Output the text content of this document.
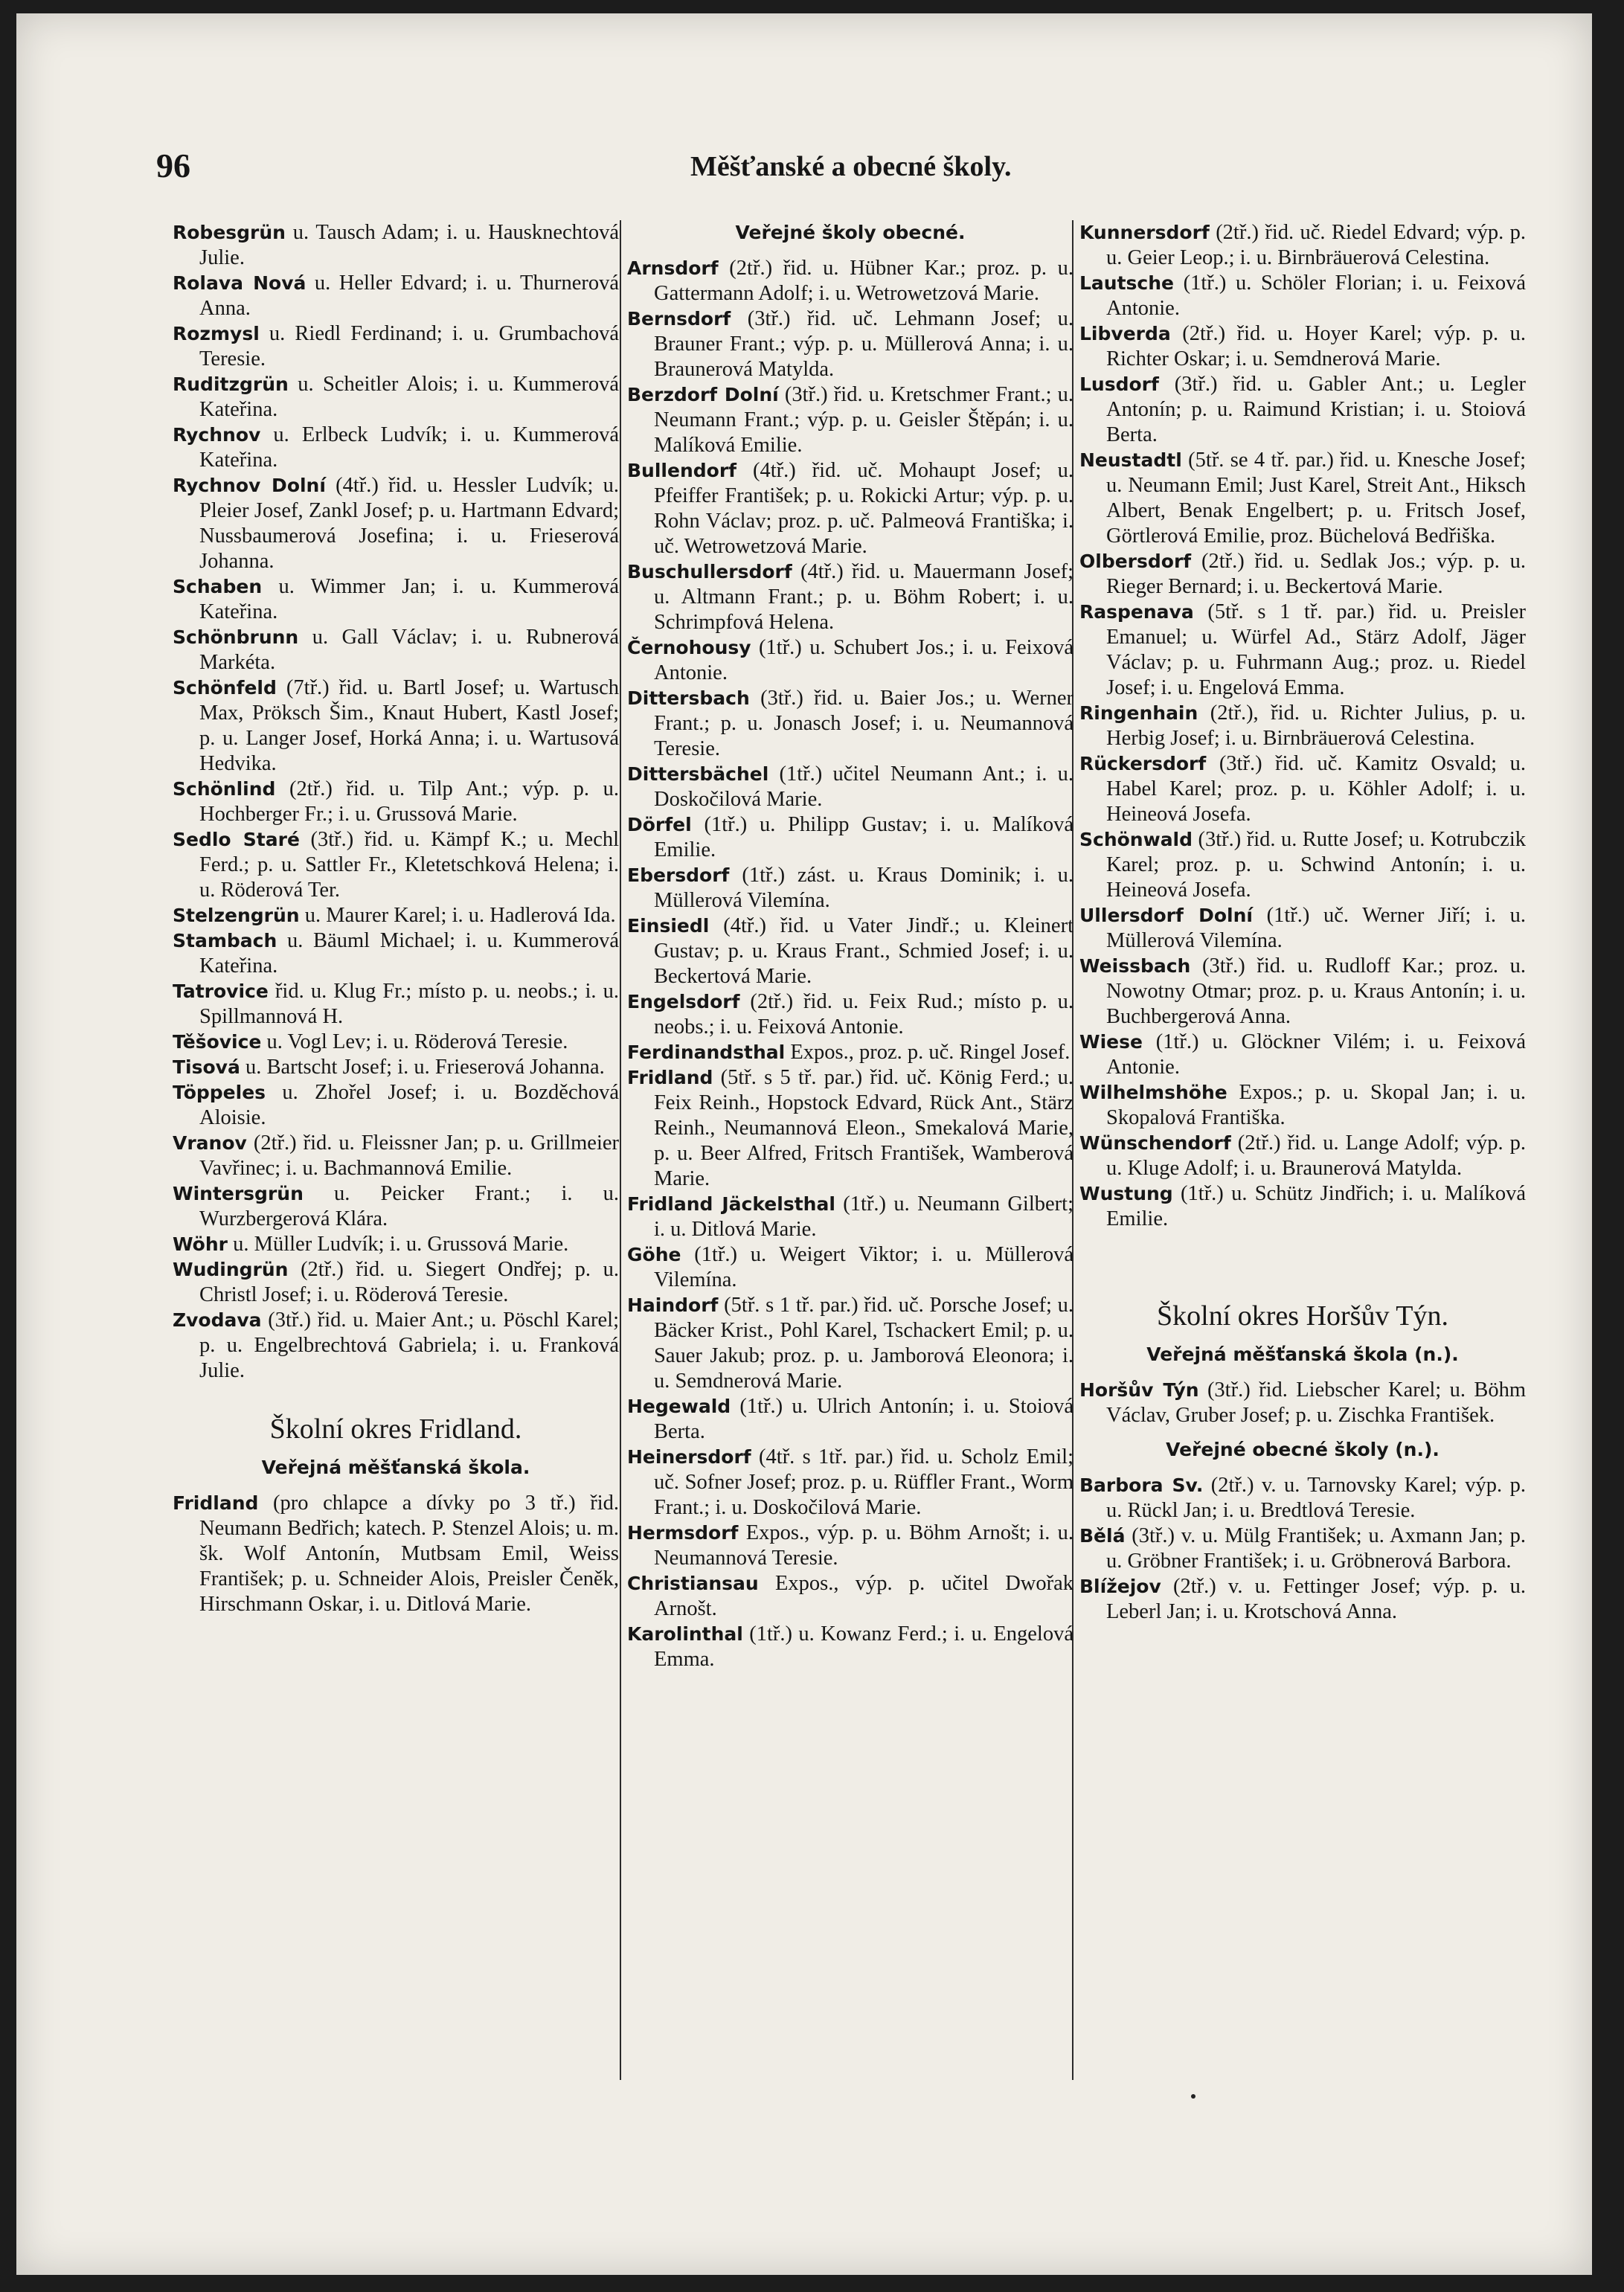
96	Měšťanské a obecné školy.

Robesgrün u. Tausch Adam; i. u. Hausknechtová Julie.

Rolava Nová u. Heller Edvard; i. u. Thurnerová Anna.

Rozmysl u. Riedl Ferdinand; i. u. Grumbachová Teresie.

Ruditzgrün u. Scheitler Alois; i. u. Kummerová Kateřina.

Rychnov u. Erlbeck Ludvík; i. u. Kummerová Kateřina.

Rychnov Dolní (4tř.) řid. u. Hessler Ludvík; u. Pleier Josef, Zankl Josef; p. u. Hartmann Edvard; Nussbaumerová Josefina; i. u. Frieserová Johanna.

Schaben u. Wimmer Jan; i. u. Kummerová Kateřina.

Schönbrunn u. Gall Václav; i. u. Rubnerová Markéta.

Schönfeld (7tř.) řid. u. Bartl Josef; u. Wartusch Max, Pröksch Šim., Knaut Hubert, Kastl Josef; p. u. Langer Josef, Horká Anna; i. u. Wartusová Hedvika.

Schönlind (2tř.) řid. u. Tilp Ant.; výp. p. u. Hochberger Fr.; i. u. Grussová Marie.

Sedlo Staré (3tř.) řid. u. Kämpf K.; u. Mechl Ferd.; p. u. Sattler Fr., Kletetschková Helena; i. u. Röderová Ter.

Stelzengrün u. Maurer Karel; i. u. Hadlerová Ida.

Stambach u. Bäuml Michael; i. u. Kummerová Kateřina.

Tatrovice řid. u. Klug Fr.; místo p. u. neobs.; i. u. Spillmannová H.

Těšovice u. Vogl Lev; i. u. Röderová Teresie.

Tisová u. Bartscht Josef; i. u. Frieserová Johanna.

Töppeles u. Zhořel Josef; i. u. Bozděchová Aloisie.

Vranov (2tř.) řid. u. Fleissner Jan; p. u. Grillmeier Vavřinec; i. u. Bachmannová Emilie.

Wintersgrün u. Peicker Frant.; i. u. Wurzbergerová Klára.

Wöhr u. Müller Ludvík; i. u. Grussová Marie.

Wudingrün (2tř.) řid. u. Siegert Ondřej; p. u. Christl Josef; i. u. Röderová Teresie.

Zvodava (3tř.) řid. u. Maier Ant.; u. Pöschl Karel; p. u. Engelbrechtová Gabriela; i. u. Franková Julie.

Školní okres Fridland.
Veřejná měšťanská škola.

Fridland (pro chlapce a dívky po 3 tř.) řid. Neumann Bedřich; katech. P. Stenzel Alois; u. m. šk. Wolf Antonín, Mutbsam Emil, Weiss František; p. u. Schneider Alois, Preisler Čeněk, Hirschmann Oskar, i. u. Ditlová Marie.

Veřejné školy obecné.

Arnsdorf (2tř.) řid. u. Hübner Kar.; proz. p. u. Gattermann Adolf; i. u. Wetrowetzová Marie.

Bernsdorf (3tř.) řid. uč. Lehmann Josef; u. Brauner Frant.; výp. p. u. Müllerová Anna; i. u. Braunerová Matylda.

Berzdorf Dolní (3tř.) řid. u. Kretschmer Frant.; u. Neumann Frant.; výp. p. u. Geisler Štěpán; i. u. Malíková Emilie.

Bullendorf (4tř.) řid. uč. Mohaupt Josef; u. Pfeiffer František; p. u. Rokicki Artur; výp. p. u. Rohn Václav; proz. p. uč. Palmeová Františka; i. uč. Wetrowetzová Marie.

Buschullersdorf (4tř.) řid. u. Mauermann Josef; u. Altmann Frant.; p. u. Böhm Robert; i. u. Schrimpfová Helena.

Černohousy (1tř.) u. Schubert Jos.; i. u. Feixová Antonie.

Dittersbach (3tř.) řid. u. Baier Jos.; u. Werner Frant.; p. u. Jonasch Josef; i. u. Neumannová Teresie.

Dittersbächel (1tř.) učitel Neumann Ant.; i. u. Doskočilová Marie.

Dörfel (1tř.) u. Philipp Gustav; i. u. Malíková Emilie.

Ebersdorf (1tř.) zást. u. Kraus Dominik; i. u. Müllerová Vilemína.

Einsiedl (4tř.) řid. u Vater Jindř.; u. Kleinert Gustav; p. u. Kraus Frant., Schmied Josef; i. u. Beckertová Marie.

Engelsdorf (2tř.) řid. u. Feix Rud.; místo p. u. neobs.; i. u. Feixová Antonie.

Ferdinandsthal Expos., proz. p. uč. Ringel Josef.

Fridland (5tř. s 5 tř. par.) řid. uč. König Ferd.; u. Feix Reinh., Hopstock Edvard, Rück Ant., Stärz Reinh., Neumannová Eleon., Smekalová Marie, p. u. Beer Alfred, Fritsch František, Wamberová Marie.

Fridland Jäckelsthal (1tř.) u. Neumann Gilbert; i. u. Ditlová Marie.

Göhe (1tř.) u. Weigert Viktor; i. u. Müllerová Vilemína.

Haindorf (5tř. s 1 tř. par.) řid. uč. Porsche Josef; u. Bäcker Krist., Pohl Karel, Tschackert Emil; p. u. Sauer Jakub; proz. p. u. Jamborová Eleonora; i. u. Semdnerová Marie.

Hegewald (1tř.) u. Ulrich Antonín; i. u. Stoiová Berta.

Heinersdorf (4tř. s 1tř. par.) řid. u. Scholz Emil; uč. Sofner Josef; proz. p. u. Rüffler Frant., Worm Frant.; i. u. Doskočilová Marie.

Hermsdorf Expos., výp. p. u. Böhm Arnošt; i. u. Neumannová Teresie.

Christiansau Expos., výp. p. učitel Dwořak Arnošt.

Karolinthal (1tř.) u. Kowanz Ferd.; i. u. Engelová Emma.

Kunnersdorf (2tř.) řid. uč. Riedel Edvard; výp. p. u. Geier Leop.; i. u. Birnbräuerová Celestina.

Lautsche (1tř.) u. Schöler Florian; i. u. Feixová Antonie.

Libverda (2tř.) řid. u. Hoyer Karel; výp. p. u. Richter Oskar; i. u. Semdnerová Marie.

Lusdorf (3tř.) řid. u. Gabler Ant.; u. Legler Antonín; p. u. Raimund Kristian; i. u. Stoiová Berta.

Neustadtl (5tř. se 4 tř. par.) řid. u. Knesche Josef; u. Neumann Emil; Just Karel, Streit Ant., Hiksch Albert, Benak Engelbert; p. u. Fritsch Josef, Görtlerová Emilie, proz. Büchelová Bedřiška.

Olbersdorf (2tř.) řid. u. Sedlak Jos.; výp. p. u. Rieger Bernard; i. u. Beckertová Marie.

Raspenava (5tř. s 1 tř. par.) řid. u. Preisler Emanuel; u. Würfel Ad., Stärz Adolf, Jäger Václav; p. u. Fuhrmann Aug.; proz. u. Riedel Josef; i. u. Engelová Emma.

Ringenhain (2tř.), řid. u. Richter Julius, p. u. Herbig Josef; i. u. Birnbräuerová Celestina.

Rückersdorf (3tř.) řid. uč. Kamitz Osvald; u. Habel Karel; proz. p. u. Köhler Adolf; i. u. Heineová Josefa.

Schönwald (3tř.) řid. u. Rutte Josef; u. Kotrubczik Karel; proz. p. u. Schwind Antonín; i. u. Heineová Josefa.

Ullersdorf Dolní (1tř.) uč. Werner Jiří; i. u. Müllerová Vilemína.

Weissbach (3tř.) řid. u. Rudloff Kar.; proz. u. Nowotny Otmar; proz. p. u. Kraus Antonín; i. u. Buchbergerová Anna.

Wiese (1tř.) u. Glöckner Vilém; i. u. Feixová Antonie.

Wilhelmshöhe Expos.; p. u. Skopal Jan; i. u. Skopalová Františka.

Wünschendorf (2tř.) řid. u. Lange Adolf; výp. p. u. Kluge Adolf; i. u. Braunerová Matylda.

Wustung (1tř.) u. Schütz Jindřich; i. u. Malíková Emilie.

Školní okres Horšův Týn.
Veřejná měšťanská škola (n.).

Horšův Týn (3tř.) řid. Liebscher Karel; u. Böhm Václav, Gruber Josef; p. u. Zischka František.

Veřejné obecné školy (n.).

Barbora Sv. (2tř.) v. u. Tarnovsky Karel; výp. p. u. Rückl Jan; i. u. Bredtlová Teresie.

Bělá (3tř.) v. u. Mülg František; u. Axmann Jan; p. u. Gröbner František; i. u. Gröbnerová Barbora.

Blížejov (2tř.) v. u. Fettinger Josef; výp. p. u. Leberl Jan; i. u. Krotschová Anna.
